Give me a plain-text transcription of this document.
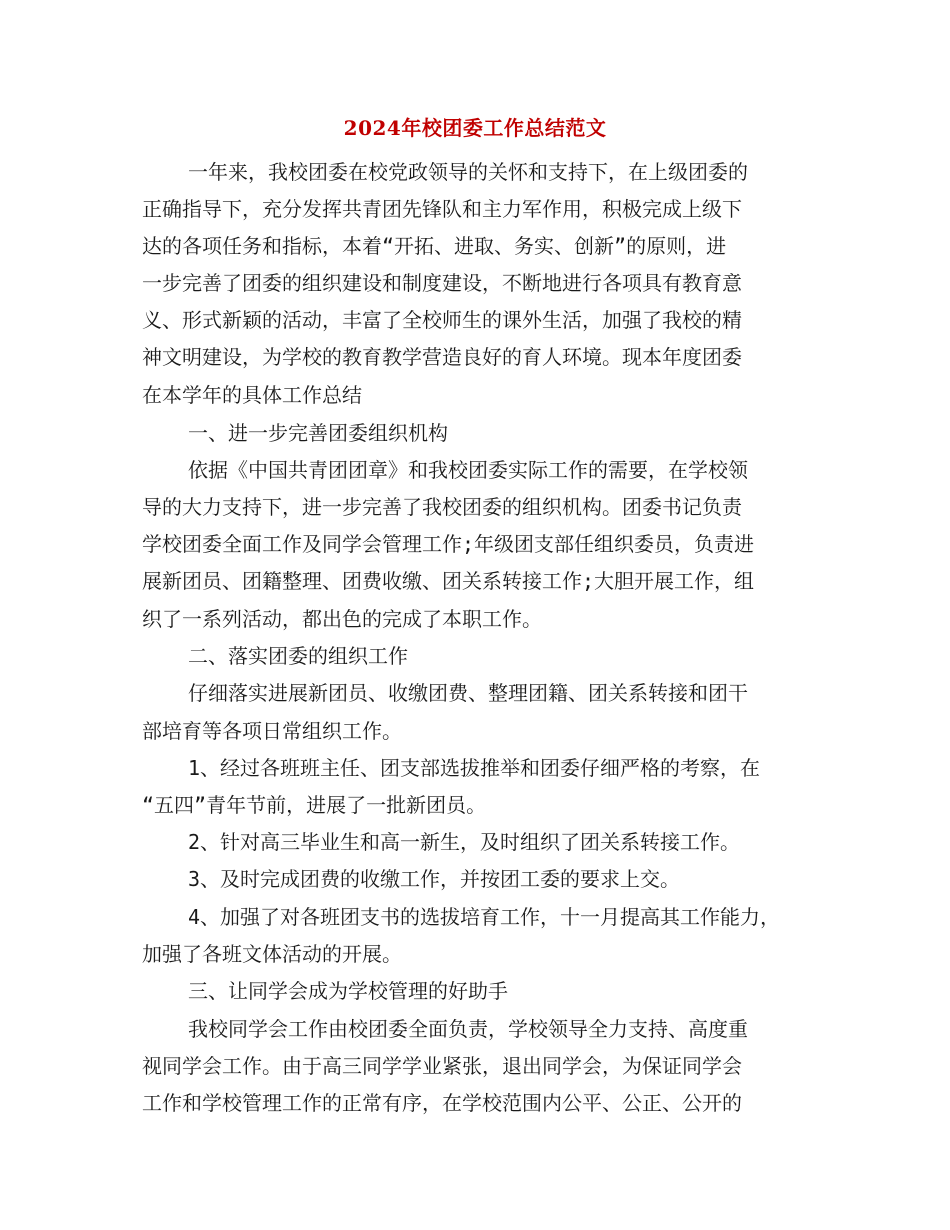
2024年校团委工作总结范文
一年来，我校团委在校党政领导的关怀和支持下，在上级团委的
正确指导下，充分发挥共青团先锋队和主力军作用，积极完成上级下
达的各项任务和指标，本着“开拓、进取、务实、创新”的原则，进
一步完善了团委的组织建设和制度建设，不断地进行各项具有教育意
义、形式新颖的活动，丰富了全校师生的课外生活，加强了我校的精
神文明建设，为学校的教育教学营造良好的育人环境。现本年度团委
在本学年的具体工作总结
一、进一步完善团委组织机构
依据《中国共青团团章》和我校团委实际工作的需要，在学校领
导的大力支持下，进一步完善了我校团委的组织机构。团委书记负责
学校团委全面工作及同学会管理工作;年级团支部任组织委员，负责进
展新团员、团籍整理、团费收缴、团关系转接工作;大胆开展工作，组
织了一系列活动，都出色的完成了本职工作。
二、落实团委的组织工作
仔细落实进展新团员、收缴团费、整理团籍、团关系转接和团干
部培育等各项日常组织工作。
1、经过各班班主任、团支部选拔推举和团委仔细严格的考察，在
“五四”青年节前，进展了一批新团员。
2、针对高三毕业生和高一新生，及时组织了团关系转接工作。
3、及时完成团费的收缴工作，并按团工委的要求上交。
4、加强了对各班团支书的选拔培育工作，十一月提高其工作能力，
加强了各班文体活动的开展。
三、让同学会成为学校管理的好助手
我校同学会工作由校团委全面负责，学校领导全力支持、高度重
视同学会工作。由于高三同学学业紧张，退出同学会，为保证同学会
工作和学校管理工作的正常有序，在学校范围内公平、公正、公开的
